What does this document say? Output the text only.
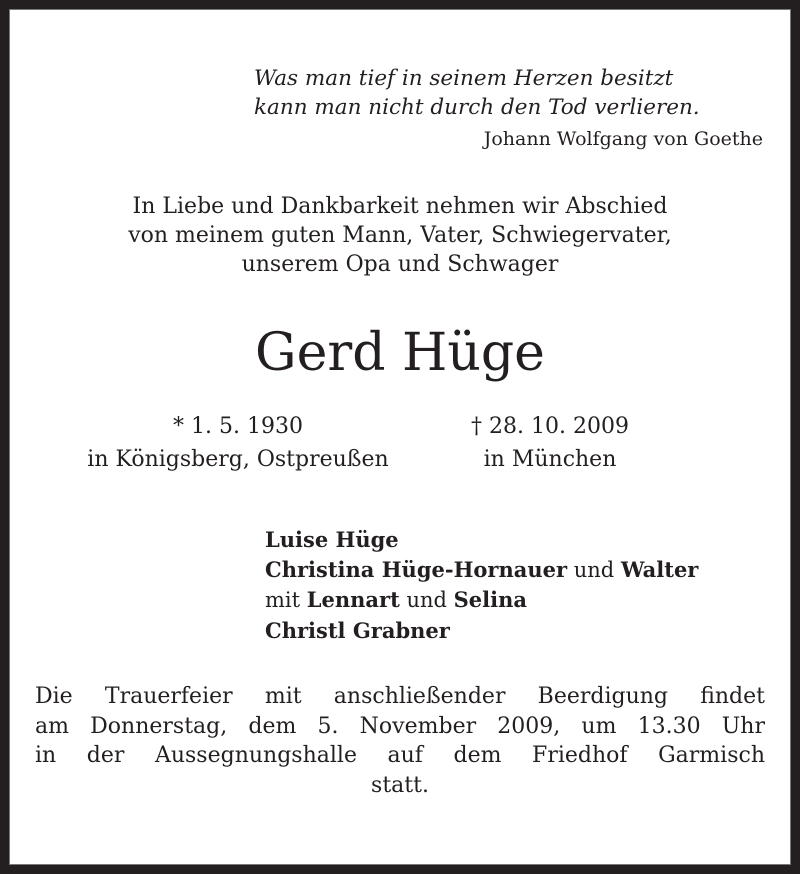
Was man tief in seinem Herzen besitzt
kann man nicht durch den Tod verlieren.
Johann Wolfgang von Goethe
In Liebe und Dankbarkeit nehmen wir Abschied
von meinem guten Mann, Vater, Schwiegervater,
unserem Opa und Schwager
Gerd Hüge
* 1. 5. 1930
in Königsberg, Ostpreußen
† 28. 10. 2009
in München
Luise Hüge
Christina Hüge-Hornauer und Walter
mit Lennart und Selina
Christl Grabner
Die Trauerfeier mit anschließender Beerdigung findet
am Donnerstag, dem 5. November 2009, um 13.30 Uhr
in der Aussegnungshalle auf dem Friedhof Garmisch
statt.
